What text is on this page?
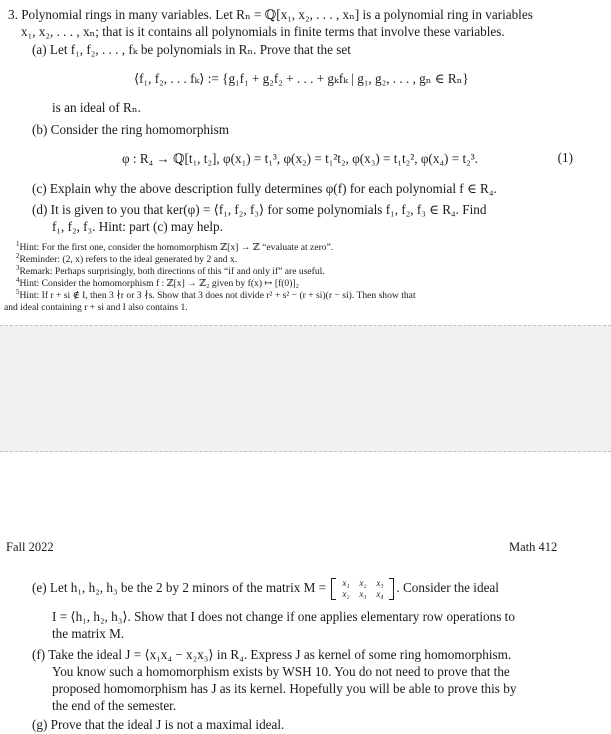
3. Polynomial rings in many variables. Let Rₙ = ℚ[x₁, x₂, . . . , xₙ] is a polynomial ring in variables
x₁, x₂, . . . , xₙ; that is it contains all polynomials in finite terms that involve these variables.
(a) Let f₁, f₂, . . . , fₖ be polynomials in Rₙ. Prove that the set
⟨f₁, f₂, . . . fₖ⟩ := {g₁f₁ + g₂f₂ + . . . + gₖfₖ | g₁, g₂, . . . , gₙ ∈ Rₙ}
is an ideal of Rₙ.
(b) Consider the ring homomorphism
φ : R₄ → ℚ[t₁, t₂], φ(x₁) = t₁³, φ(x₂) = t₁²t₂, φ(x₃) = t₁t₂², φ(x₄) = t₂³.	(1)
(c) Explain why the above description fully determines φ(f) for each polynomial f ∈ R₄.
(d) It is given to you that ker(φ) = ⟨f₁, f₂, f₃⟩ for some polynomials f₁, f₂, f₃ ∈ R₄. Find
f₁, f₂, f₃. Hint: part (c) may help.
$^1$Hint: For the first one, consider the homomorphism ℤ[x] → ℤ “evaluate at zero”.
$^2$Reminder: (2, x) refers to the ideal generated by 2 and x.
$^3$Remark: Perhaps surprisingly, both directions of this “if and only if” are useful.
$^4$Hint: Consider the homomorphism f : ℤ[x] → ℤ₂ given by f(x) ↦ [f(0)]₂
$^5$Hint: If r + si ∉ I, then 3 ∤r or 3 ∤s. Show that 3 does not divide r² + s² − (r + si)(r − si). Then show that
and ideal containing r + si and I also contains 1.
Fall 2022	Math 412
(e) Let h₁, h₂, h₃ be the 2 by 2 minors of the matrix M =	x₁ x₂ x₃
x₂ x₃ x₄ . Consider the ideal
I = ⟨h₁, h₂, h₃⟩. Show that I does not change if one applies elementary row operations to
the matrix M.
(f) Take the ideal J = ⟨x₁x₄ − x₂x₃⟩ in R₄. Express J as kernel of some ring homomorphism.
You know such a homomorphism exists by WSH 10. You do not need to prove that the
proposed homomorphism has J as its kernel. Hopefully you will be able to prove this by
the end of the semester.
(g) Prove that the ideal J is not a maximal ideal.
